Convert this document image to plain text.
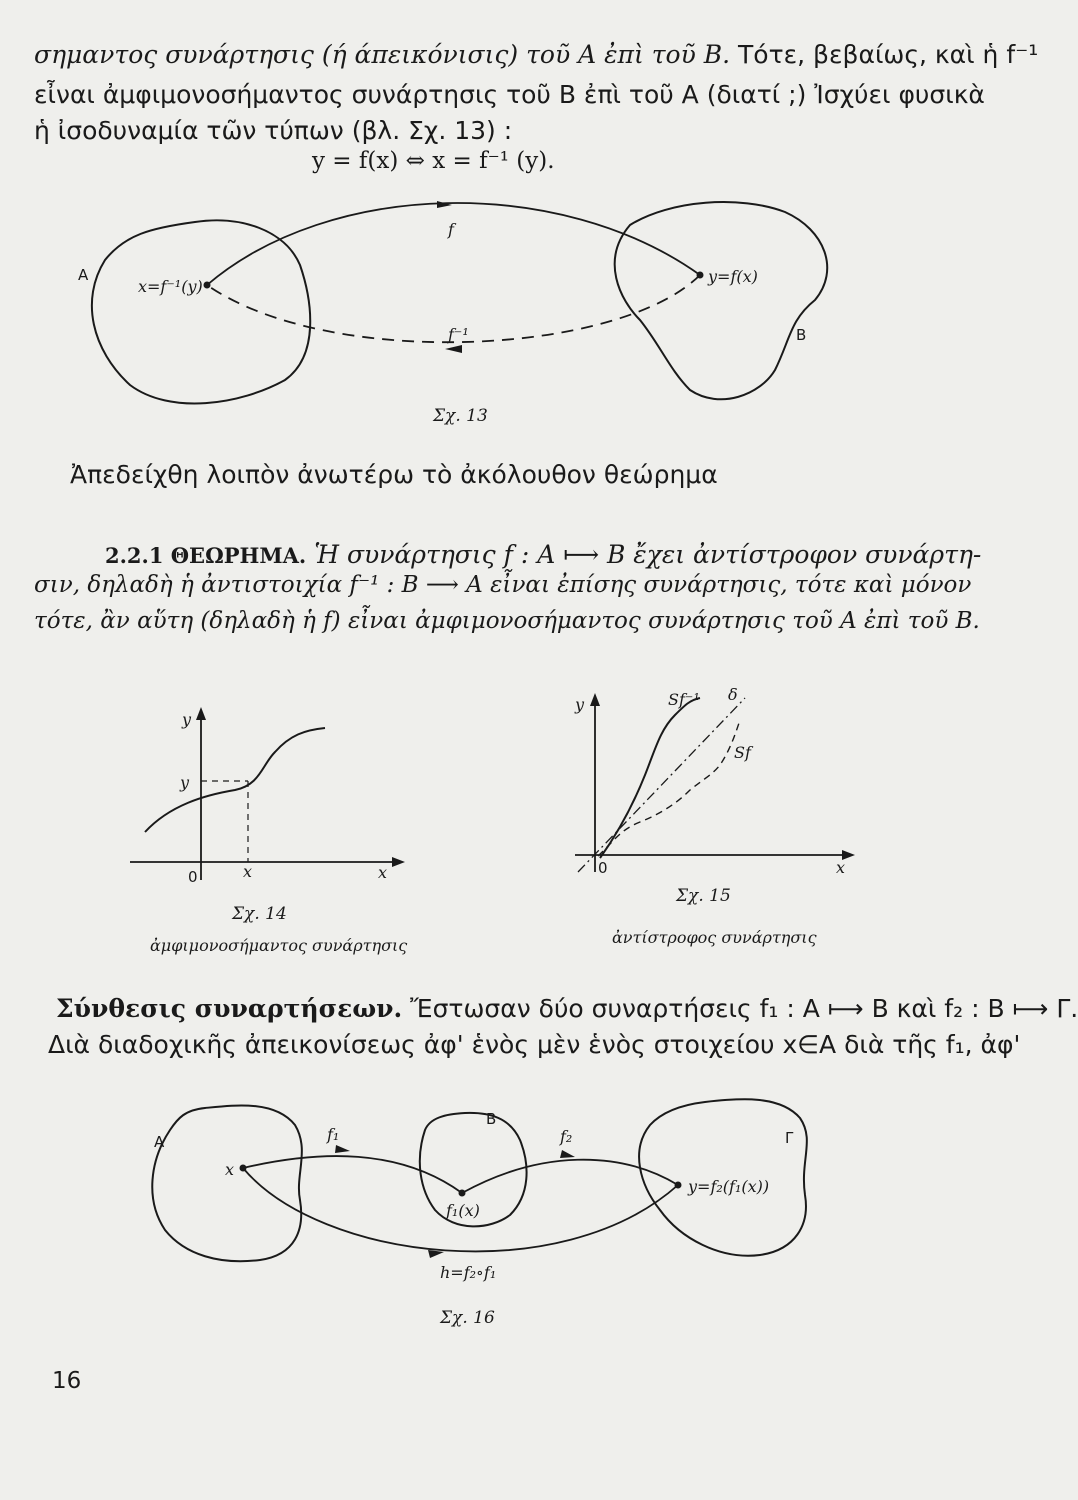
σημαντος συνάρτησις (ή άπεικόνισις) τοῦ Α ἐπὶ τοῦ Β. Τότε, βεβαίως, καὶ ἡ f⁻¹
εἶναι ἀμφιμονοσήμαντος συνάρτησις τοῦ Β ἐπὶ τοῦ Α (διατί ;) Ἰσχύει φυσικὰ
ἡ ἰσοδυναμία τῶν τύπων (βλ. Σχ. 13) :
y = f(x) ⇔ x = f⁻¹ (y).
A
x=f⁻¹(y)
f
y=f(x)
f⁻¹	B
Σχ. 13
Ἀπεδείχθη λοιπὸν ἀνωτέρω τὸ ἀκόλουθον θεώρημα
2.2.1 ΘΕΩΡΗΜΑ. Ἡ συνάρτησις f : A ⟼ B ἔχει ἀντίστροφον συνάρτη-
σιν, δηλαδὴ ἡ ἀντιστοιχία f⁻¹ : B ⟶ A εἶναι ἐπίσης συνάρτησις, τότε καὶ μόνον
τότε, ἂν αὕτη (δηλαδὴ ἡ f) εἶναι ἀμφιμονοσήμαντος συνάρτησις τοῦ Α ἐπὶ τοῦ Β.
y
y
0	x	x
Σχ. 14
ἀμφιμονοσήμαντος συνάρτησις
y	Sf⁻¹ δ
Sf
0	x
Σχ. 15
ἀντίστροφος συνάρτησις
Σύνθεσις συναρτήσεων. Ἔστωσαν δύο συναρτήσεις f₁ : A ⟼ B καὶ f₂ : B ⟼ Γ.
Διὰ διαδοχικῆς ἀπεικονίσεως ἀφ' ἑνὸς μὲν ἑνὸς στοιχείου x∈A διὰ τῆς f₁, ἀφ'
A
x
f₁
B
f₁(x)
f₂	Γ
y=f₂(f₁(x))
h=f₂∘f₁
Σχ. 16
16
